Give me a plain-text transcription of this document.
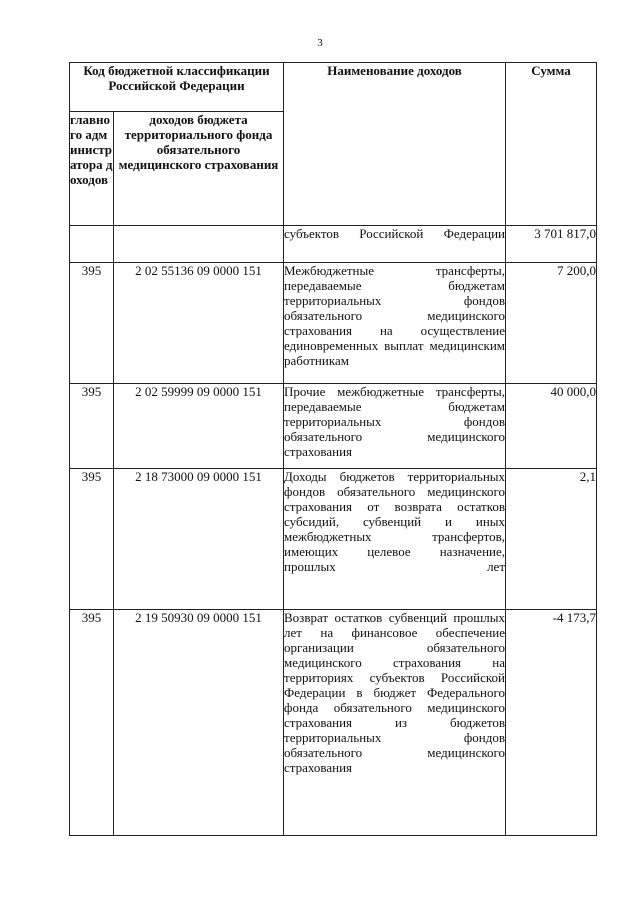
3
Код бюджетной классификации Российской Федерации		Наименование доходов	Сумма
главного администратора доходов	доходов бюджета территориального фонда обязательного медицинского страхования		
		субъектов Российской Федерации	3 701 817,0
395	2 02 55136 09 0000 151	Межбюджетные трансферты, передаваемые бюджетам территориальных фондов обязательного медицинского страхования на осуществление единовременных выплат медицинским работникам	7 200,0
395	2 02 59999 09 0000 151	Прочие межбюджетные трансферты, передаваемые бюджетам территориальных фондов обязательного медицинского страхования	40 000,0
395	2 18 73000 09 0000 151	Доходы бюджетов территориальных фондов обязательного медицинского страхования от возврата остатков субсидий, субвенций и иных межбюджетных трансфертов, имеющих целевое назначение, прошлых лет	2,1
395	2 19 50930 09 0000 151	Возврат остатков субвенций прошлых лет на финансовое обеспечение организации обязательного медицинского страхования на территориях субъектов Российской Федерации в бюджет Федерального фонда обязательного медицинского страхования из бюджетов территориальных фондов обязательного медицинского страхования	-4 173,7
